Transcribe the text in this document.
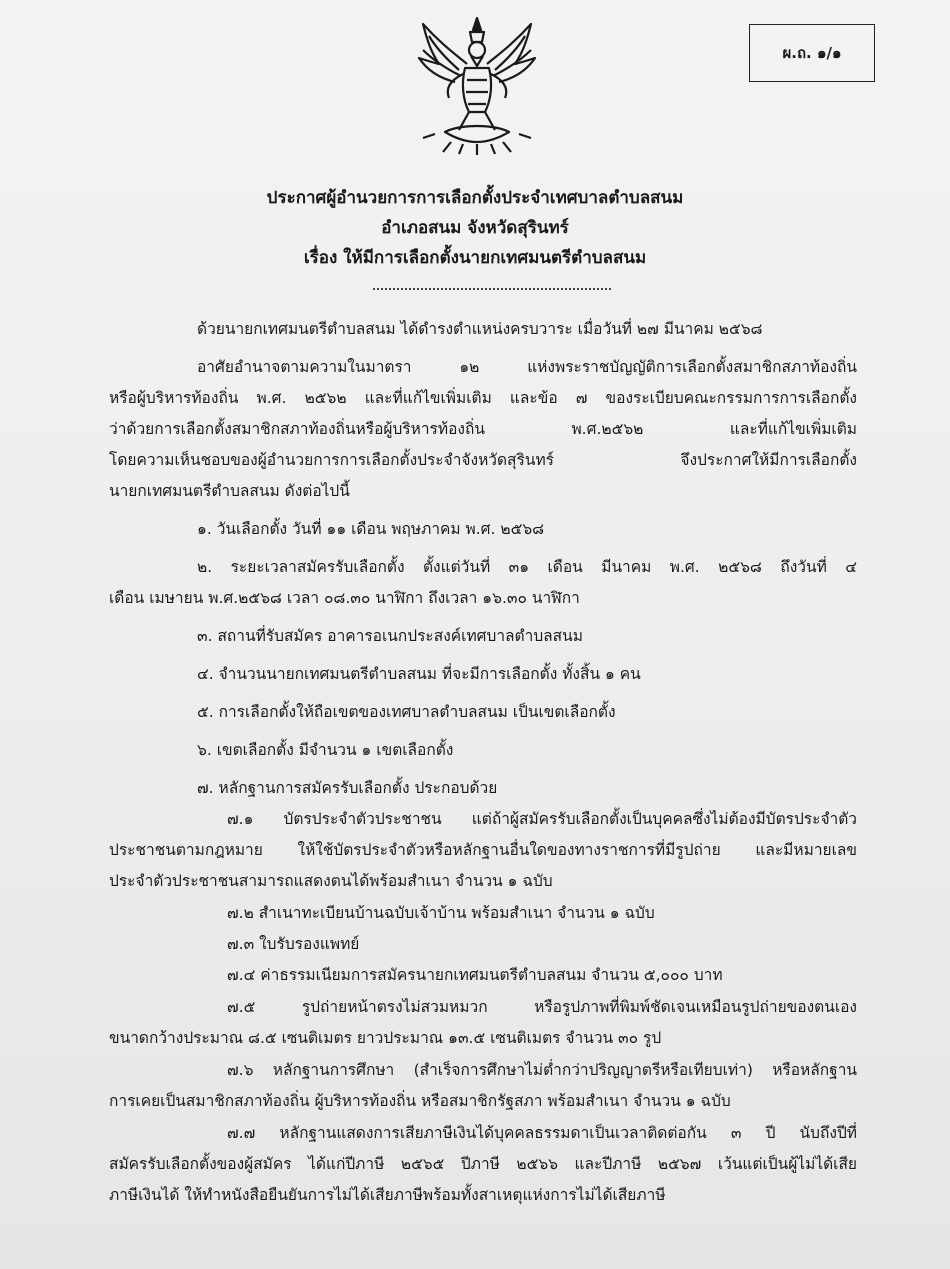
ผ.ถ. ๑/๑
ประกาศผู้อำนวยการการเลือกตั้งประจำเทศบาลตำบลสนม
อำเภอสนม จังหวัดสุรินทร์
เรื่อง ให้มีการเลือกตั้งนายกเทศมนตรีตำบลสนม
ด้วยนายกเทศมนตรีตำบลสนม ได้ดำรงตำแหน่งครบวาระ เมื่อวันที่ ๒๗ มีนาคม ๒๕๖๘
อาศัยอำนาจตามความในมาตรา ๑๒ แห่งพระราชบัญญัติการเลือกตั้งสมาชิกสภาท้องถิ่น
หรือผู้บริหารท้องถิ่น พ.ศ. ๒๕๖๒ และที่แก้ไขเพิ่มเติม และข้อ ๗ ของระเบียบคณะกรรมการการเลือกตั้ง
ว่าด้วยการเลือกตั้งสมาชิกสภาท้องถิ่นหรือผู้บริหารท้องถิ่น พ.ศ.๒๕๖๒ และที่แก้ไขเพิ่มเติม
โดยความเห็นชอบของผู้อำนวยการการเลือกตั้งประจำจังหวัดสุรินทร์ จึงประกาศให้มีการเลือกตั้ง
นายกเทศมนตรีตำบลสนม ดังต่อไปนี้
๑. วันเลือกตั้ง วันที่ ๑๑ เดือน พฤษภาคม พ.ศ. ๒๕๖๘
๒. ระยะเวลาสมัครรับเลือกตั้ง ตั้งแต่วันที่ ๓๑ เดือน มีนาคม พ.ศ. ๒๕๖๘ ถึงวันที่ ๔
เดือน เมษายน พ.ศ.๒๕๖๘ เวลา ๐๘.๓๐ นาฬิกา ถึงเวลา ๑๖.๓๐ นาฬิกา
๓. สถานที่รับสมัคร อาคารอเนกประสงค์เทศบาลตำบลสนม
๔. จำนวนนายกเทศมนตรีตำบลสนม ที่จะมีการเลือกตั้ง ทั้งสิ้น ๑ คน
๕. การเลือกตั้งให้ถือเขตของเทศบาลตำบลสนม เป็นเขตเลือกตั้ง
๖. เขตเลือกตั้ง มีจำนวน ๑ เขตเลือกตั้ง
๗. หลักฐานการสมัครรับเลือกตั้ง ประกอบด้วย
๗.๑ บัตรประจำตัวประชาชน แต่ถ้าผู้สมัครรับเลือกตั้งเป็นบุคคลซึ่งไม่ต้องมีบัตรประจำตัว
ประชาชนตามกฎหมาย ให้ใช้บัตรประจำตัวหรือหลักฐานอื่นใดของทางราชการที่มีรูปถ่าย และมีหมายเลข
ประจำตัวประชาชนสามารถแสดงตนได้พร้อมสำเนา จำนวน ๑ ฉบับ
๗.๒ สำเนาทะเบียนบ้านฉบับเจ้าบ้าน พร้อมสำเนา จำนวน ๑ ฉบับ
๗.๓ ใบรับรองแพทย์
๗.๔ ค่าธรรมเนียมการสมัครนายกเทศมนตรีตำบลสนม จำนวน ๕,๐๐๐ บาท
๗.๕ รูปถ่ายหน้าตรงไม่สวมหมวก หรือรูปภาพที่พิมพ์ชัดเจนเหมือนรูปถ่ายของตนเอง
ขนาดกว้างประมาณ ๘.๕ เซนติเมตร ยาวประมาณ ๑๓.๕ เซนติเมตร จำนวน ๓๐ รูป
๗.๖ หลักฐานการศึกษา (สำเร็จการศึกษาไม่ต่ำกว่าปริญญาตรีหรือเทียบเท่า) หรือหลักฐาน
การเคยเป็นสมาชิกสภาท้องถิ่น ผู้บริหารท้องถิ่น หรือสมาชิกรัฐสภา พร้อมสำเนา จำนวน ๑ ฉบับ
๗.๗ หลักฐานแสดงการเสียภาษีเงินได้บุคคลธรรมดาเป็นเวลาติดต่อกัน ๓ ปี นับถึงปีที่
สมัครรับเลือกตั้งของผู้สมัคร ได้แก่ปีภาษี ๒๕๖๕ ปีภาษี ๒๕๖๖ และปีภาษี ๒๕๖๗ เว้นแต่เป็นผู้ไม่ได้เสีย
ภาษีเงินได้ ให้ทำหนังสือยืนยันการไม่ได้เสียภาษีพร้อมทั้งสาเหตุแห่งการไม่ได้เสียภาษี
